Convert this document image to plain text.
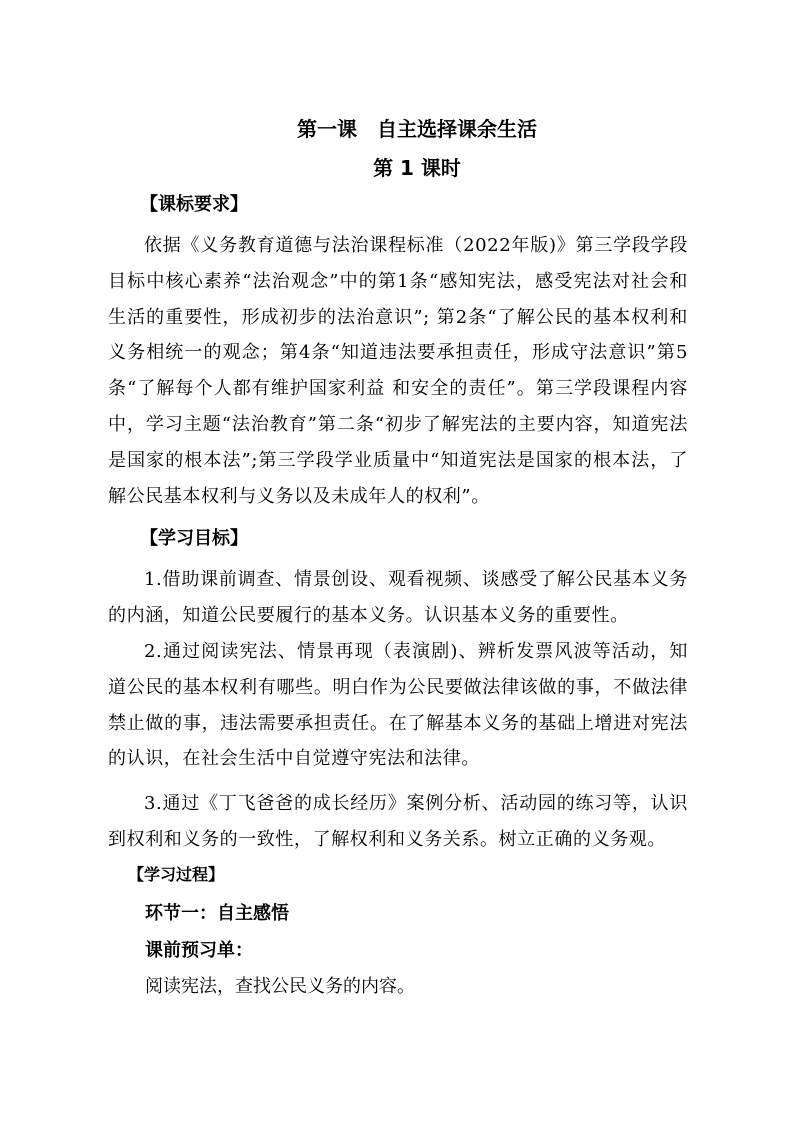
第一课　自主选择课余生活
第 1 课时
【课标要求】
依据《义务教育道德与法治课程标准（2022年版)》第三学段学段目标中核心素养“法治观念”中的第1条“感知宪法，感受宪法对社会和生活的重要性，形成初步的法治意识”; 第2条“了解公民的基本权利和义务相统一的观念；第4条“知道违法要承担责任，形成守法意识”第5条“了解每个人都有维护国家利益 和安全的责任”。第三学段课程内容中，学习主题“法治教育”第二条“初步了解宪法的主要内容，知道宪法是国家的根本法”;第三学段学业质量中“知道宪法是国家的根本法，了解公民基本权利与义务以及未成年人的权利”。
【学习目标】
1.借助课前调查、情景创设、观看视频、谈感受了解公民基本义务的内涵，知道公民要履行的基本义务。认识基本义务的重要性。
2.通过阅读宪法、情景再现（表演剧)、辨析发票风波等活动，知道公民的基本权利有哪些。明白作为公民要做法律该做的事，不做法律禁止做的事，违法需要承担责任。在了解基本义务的基础上增进对宪法的认识，在社会生活中自觉遵守宪法和法律。
3.通过《丁飞爸爸的成长经历》案例分析、活动园的练习等，认识到权利和义务的一致性，了解权利和义务关系。树立正确的义务观。
【学习过程】
环节一：自主感悟
课前预习单：
阅读宪法，查找公民义务的内容。
